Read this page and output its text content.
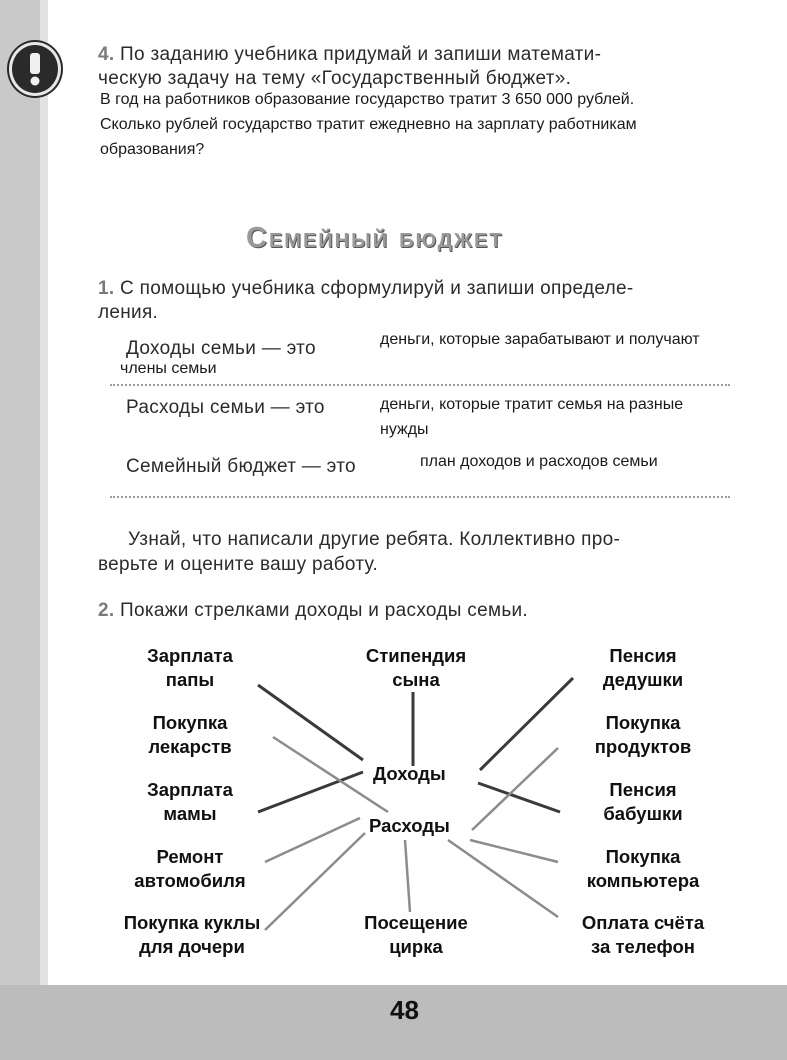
4. По заданию учебника придумай и запиши математи-
ческую задачу на тему «Государственный бюджет».
В год на работников образование государство тратит 3 650 000 рублей.
Сколько рублей государство тратит ежедневно на зарплату работникам
образования?
Семейный бюджет
1. С помощью учебника сформулируй и запиши определе-
ления.
Доходы семьи — это	деньги, которые зарабатывают и получают
члены семьи
Расходы семьи — это	деньги, которые тратит семья на разные
нужды
Семейный бюджет — это	план доходов и расходов семьи
Узнай, что написали другие ребята. Коллективно про-
верьте и оцените вашу работу.
2. Покажи стрелками доходы и расходы семьи.
Зарплата
папы
Покупка
лекарств
Зарплата
мамы
Ремонт
автомобиля
Покупка куклы
для дочери
Стипендия
сына
Доходы
Расходы
Посещение
цирка
Пенсия
дедушки
Покупка
продуктов
Пенсия
бабушки
Покупка
компьютера
Оплата счёта
за телефон
48
